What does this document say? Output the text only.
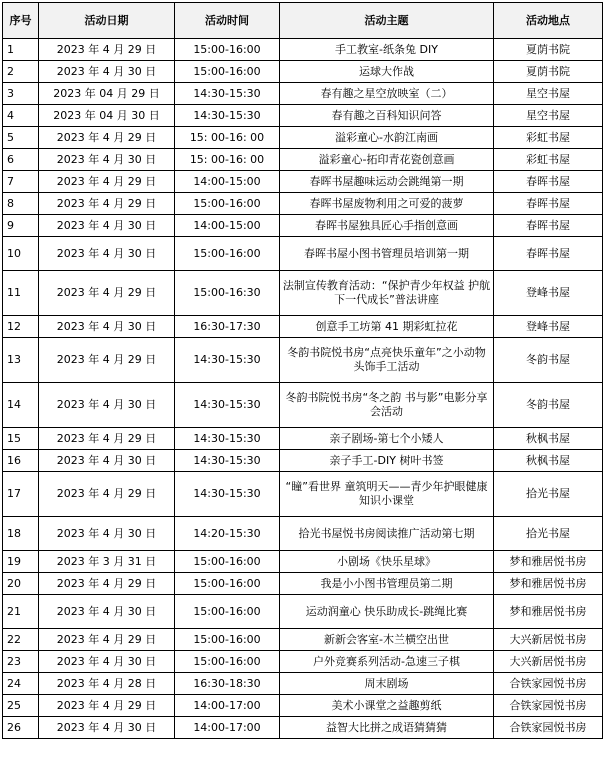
序号	活动日期	活动时间	活动主题	活动地点
1	2023 年 4 月 29 日	15:00-16:00	手工教室-纸条兔 DIY	夏荫书院
2	2023 年 4 月 30 日	15:00-16:00	运球大作战	夏荫书院
3	2023 年 04 月 29 日	14:30-15:30	春有趣之星空放映室（二）	星空书屋
4	2023 年 04 月 30 日	14:30-15:30	春有趣之百科知识问答	星空书屋
5	2023 年 4 月 29 日	15: 00-16: 00	溢彩童心-水韵江南画	彩虹书屋
6	2023 年 4 月 30 日	15: 00-16: 00	溢彩童心-拓印青花瓷创意画	彩虹书屋
7	2023 年 4 月 29 日	14:00-15:00	春晖书屋趣味运动会跳绳第一期	春晖书屋
8	2023 年 4 月 29 日	15:00-16:00	春晖书屋废物利用之可爱的菠萝	春晖书屋
9	2023 年 4 月 30 日	14:00-15:00	春晖书屋独具匠心手指创意画	春晖书屋
10	2023 年 4 月 30 日	15:00-16:00	春晖书屋小图书管理员培训第一期	春晖书屋
11	2023 年 4 月 29 日	15:00-16:30	法制宣传教育活动：“保护青少年权益 护航下一代成长”普法讲座	登峰书屋
12	2023 年 4 月 30 日	16:30-17:30	创意手工坊第 41 期彩虹拉花	登峰书屋
13	2023 年 4 月 29 日	14:30-15:30	冬韵书院悦书房“点亮快乐童年”之小动物头饰手工活动	冬韵书屋
14	2023 年 4 月 30 日	14:30-15:30	冬韵书院悦书房“冬之韵 书与影”电影分享会活动	冬韵书屋
15	2023 年 4 月 29 日	14:30-15:30	亲子剧场-第七个小矮人	秋枫书屋
16	2023 年 4 月 30 日	14:30-15:30	亲子手工-DIY 树叶书签	秋枫书屋
17	2023 年 4 月 29 日	14:30-15:30	“瞳”看世界 童筑明天——青少年护眼健康知识小课堂	拾光书屋
18	2023 年 4 月 30 日	14:20-15:30	拾光书屋悦书房阅读推广活动第七期	拾光书屋
19	2023 年 3 月 31 日	15:00-16:00	小剧场《快乐星球》	梦和雅居悦书房
20	2023 年 4 月 29 日	15:00-16:00	我是小小图书管理员第二期	梦和雅居悦书房
21	2023 年 4 月 30 日	15:00-16:00	运动润童心 快乐助成长-跳绳比赛	梦和雅居悦书房
22	2023 年 4 月 29 日	15:00-16:00	新新会客室-木兰横空出世	大兴新居悦书房
23	2023 年 4 月 30 日	15:00-16:00	户外竞赛系列活动-急速三子棋	大兴新居悦书房
24	2023 年 4 月 28 日	16:30-18:30	周末剧场	合铁家园悦书房
25	2023 年 4 月 29 日	14:00-17:00	美术小课堂之益趣剪纸	合铁家园悦书房
26	2023 年 4 月 30 日	14:00-17:00	益智大比拼之成语猜猜猜	合铁家园悦书房
